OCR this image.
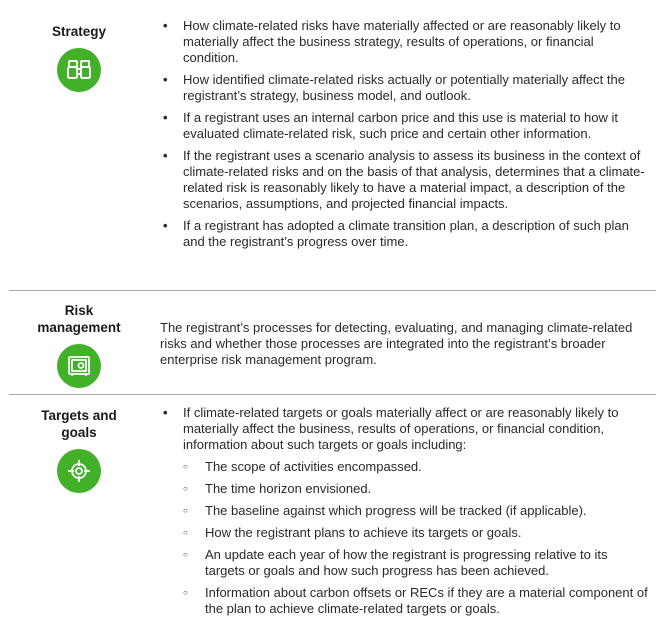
Strategy
•	How climate-related risks have materially affected or are reasonably likely to materially affect the business strategy, results of operations, or financial condition.
• How identified climate-related risks actually or potentially materially affect the registrant’s strategy, business model, and outlook.
• If a registrant uses an internal carbon price and this use is material to how it evaluated climate-related risk, such price and certain other information.
• If the registrant uses a scenario analysis to assess its business in the context of climate-related risks and on the basis of that analysis, determines that a climate-related risk is reasonably likely to have a material impact, a description of the scenarios, assumptions, and projected financial impacts.
• If a registrant has adopted a climate transition plan, a description of such plan and the registrant’s progress over time.
Risk
management	The registrant’s processes for detecting, evaluating, and managing climate-related risks and whether those processes are integrated into the registrant’s broader enterprise risk management program.

Targets and
goals
• If climate-related targets or goals materially affect or are reasonably likely to materially affect the business, results of operations, or financial condition, information about such targets or goals including:
○ The scope of activities encompassed.
○ The time horizon envisioned.
○ The baseline against which progress will be tracked (if applicable).
○ How the registrant plans to achieve its targets or goals.
○ An update each year of how the registrant is progressing relative to its targets or goals and how such progress has been achieved.
○ Information about carbon offsets or RECs if they are a material component of the plan to achieve climate-related targets or goals.
